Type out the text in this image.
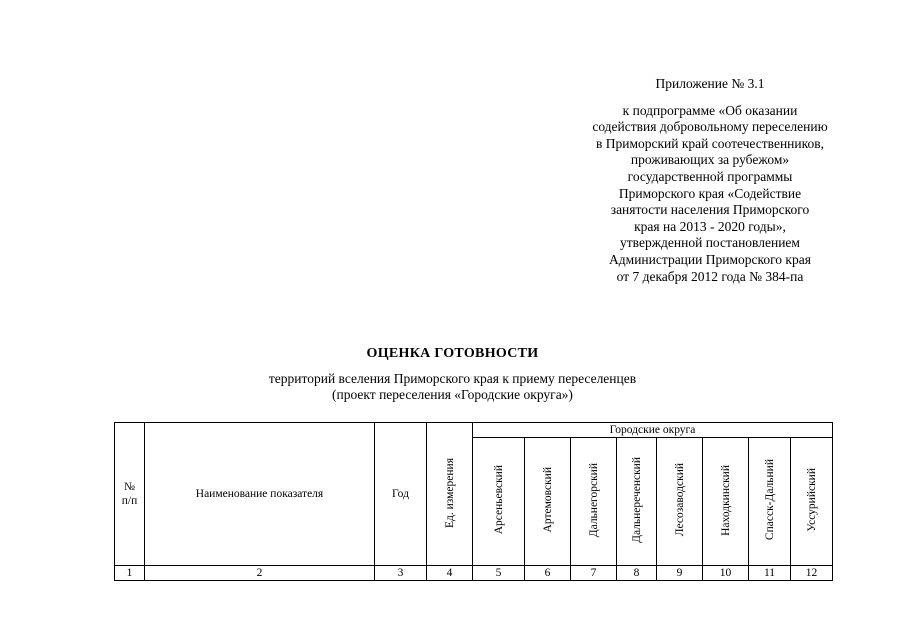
Приложение № 3.1
к подпрограмме «Об оказании
содействия добровольному переселению
в Приморский край соотечественников,
проживающих за рубежом»
государственной программы
Приморского края «Содействие
занятости населения Приморского
края на 2013 - 2020 годы»,
утвержденной постановлением
Администрации Приморского края
от 7 декабря 2012 года № 384-па
ОЦЕНКА ГОТОВНОСТИ
территорий вселения Приморского края к приему переселенцев
(проект переселения «Городские округа»)
№ п/п	Наименование показателя	Год	Ед. измерения	Городские округа							
				Арсеньевский	Артемовский	Дальнегорский	Дальнереченский	Лесозаводский	Находкинский	Спасск-Дальний	Уссурийский
1	2	3	4	5	6	7	8	9	10	11	12
